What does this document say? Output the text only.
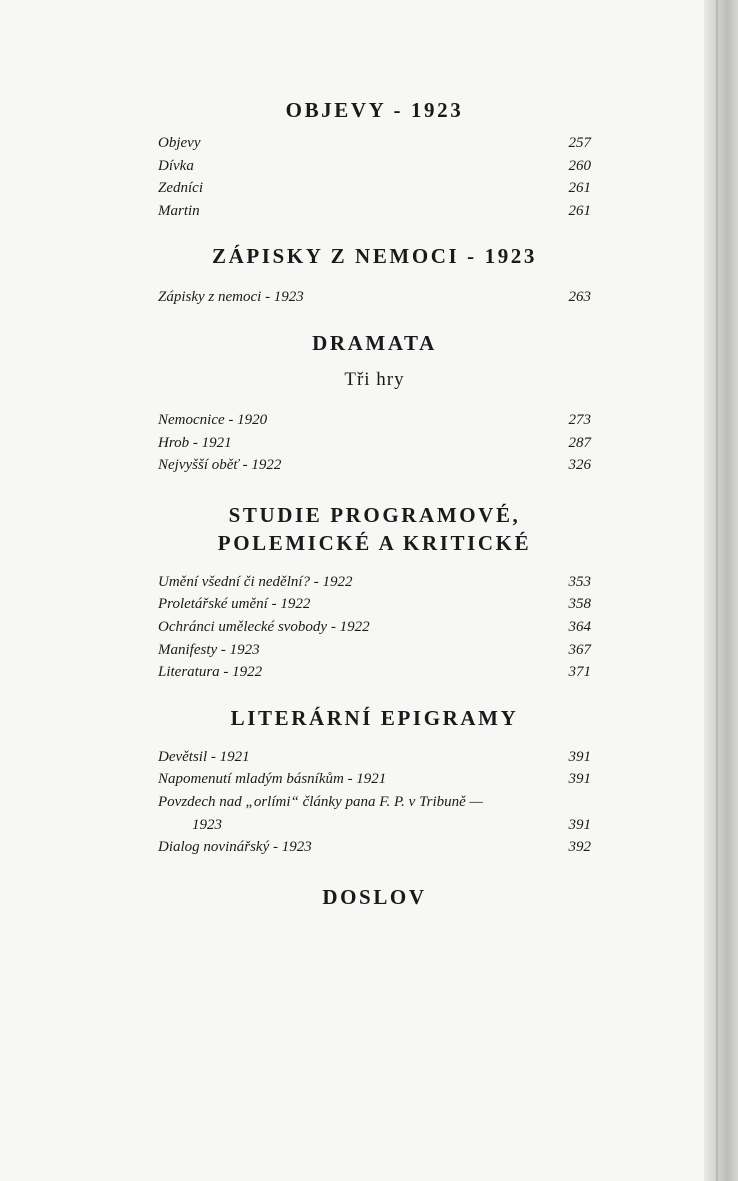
OBJEVY - 1923
Objevy	257
Dívka	260
Zedníci	261
Martin	261
ZÁPISKY Z NEMOCI - 1923
Zápisky z nemoci - 1923	263
DRAMATA
Tři hry
Nemocnice - 1920	273
Hrob - 1921	287
Nejvyšší oběť - 1922	326
STUDIE PROGRAMOVÉ,
POLEMICKÉ A KRITICKÉ
Umění všední či nedělní? - 1922	353
Proletářské umění - 1922	358
Ochránci umělecké svobody - 1922	364
Manifesty - 1923	367
Literatura - 1922	371
LITERÁRNÍ EPIGRAMY
Devětsil - 1921	391
Napomenutí mladým básníkům - 1921	391
Povzdech nad „orlími“ články pana F. P. v Tribuně —
1923	391
Dialog novinářský - 1923	392
DOSLOV
